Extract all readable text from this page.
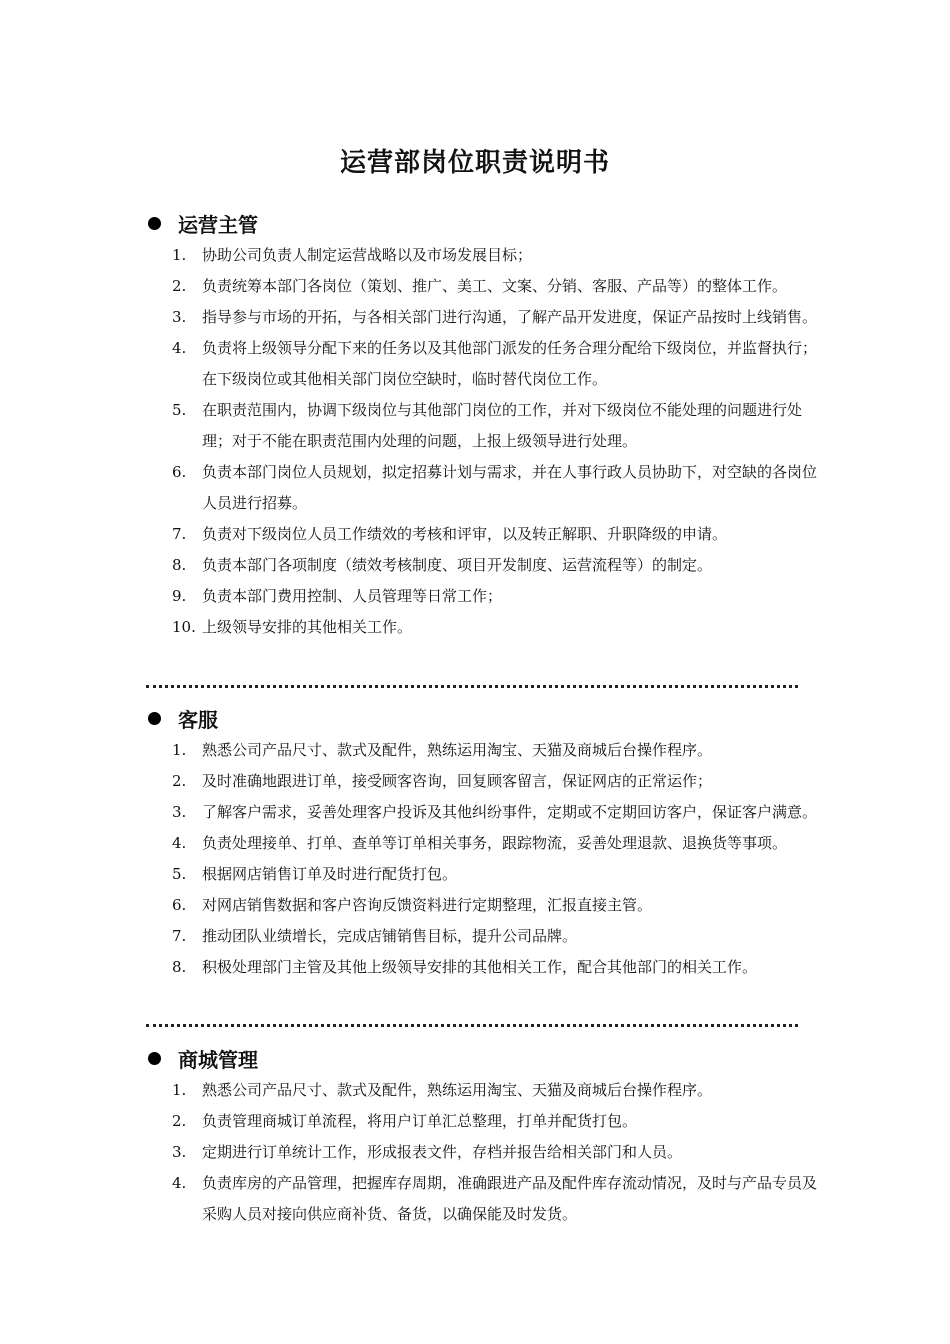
运营部岗位职责说明书
运营主管
1.	协助公司负责人制定运营战略以及市场发展目标；
2.	负责统筹本部门各岗位（策划、推广、美工、文案、分销、客服、产品等）的整体工作。
3.	指导参与市场的开拓，与各相关部门进行沟通，了解产品开发进度，保证产品按时上线销售。
4.	负责将上级领导分配下来的任务以及其他部门派发的任务合理分配给下级岗位，并监督执行；在下级岗位或其他相关部门岗位空缺时，临时替代岗位工作。
5.	在职责范围内，协调下级岗位与其他部门岗位的工作，并对下级岗位不能处理的问题进行处理；对于不能在职责范围内处理的问题，上报上级领导进行处理。
6.	负责本部门岗位人员规划，拟定招募计划与需求，并在人事行政人员协助下，对空缺的各岗位人员进行招募。
7.	负责对下级岗位人员工作绩效的考核和评审，以及转正解职、升职降级的申请。
8.	负责本部门各项制度（绩效考核制度、项目开发制度、运营流程等）的制定。
9.	负责本部门费用控制、人员管理等日常工作；
10. 上级领导安排的其他相关工作。
客服
1.	熟悉公司产品尺寸、款式及配件，熟练运用淘宝、天猫及商城后台操作程序。
2.	及时准确地跟进订单，接受顾客咨询，回复顾客留言，保证网店的正常运作；
3.	了解客户需求，妥善处理客户投诉及其他纠纷事件，定期或不定期回访客户，保证客户满意。
4.	负责处理接单、打单、查单等订单相关事务，跟踪物流，妥善处理退款、退换货等事项。
5.	根据网店销售订单及时进行配货打包。
6.	对网店销售数据和客户咨询反馈资料进行定期整理，汇报直接主管。
7.	推动团队业绩增长，完成店铺销售目标，提升公司品牌。
8.	积极处理部门主管及其他上级领导安排的其他相关工作，配合其他部门的相关工作。
商城管理
1.	熟悉公司产品尺寸、款式及配件，熟练运用淘宝、天猫及商城后台操作程序。
2.	负责管理商城订单流程，将用户订单汇总整理，打单并配货打包。
3.	定期进行订单统计工作，形成报表文件，存档并报告给相关部门和人员。
4.	负责库房的产品管理，把握库存周期，准确跟进产品及配件库存流动情况，及时与产品专员及采购人员对接向供应商补货、备货，以确保能及时发货。
